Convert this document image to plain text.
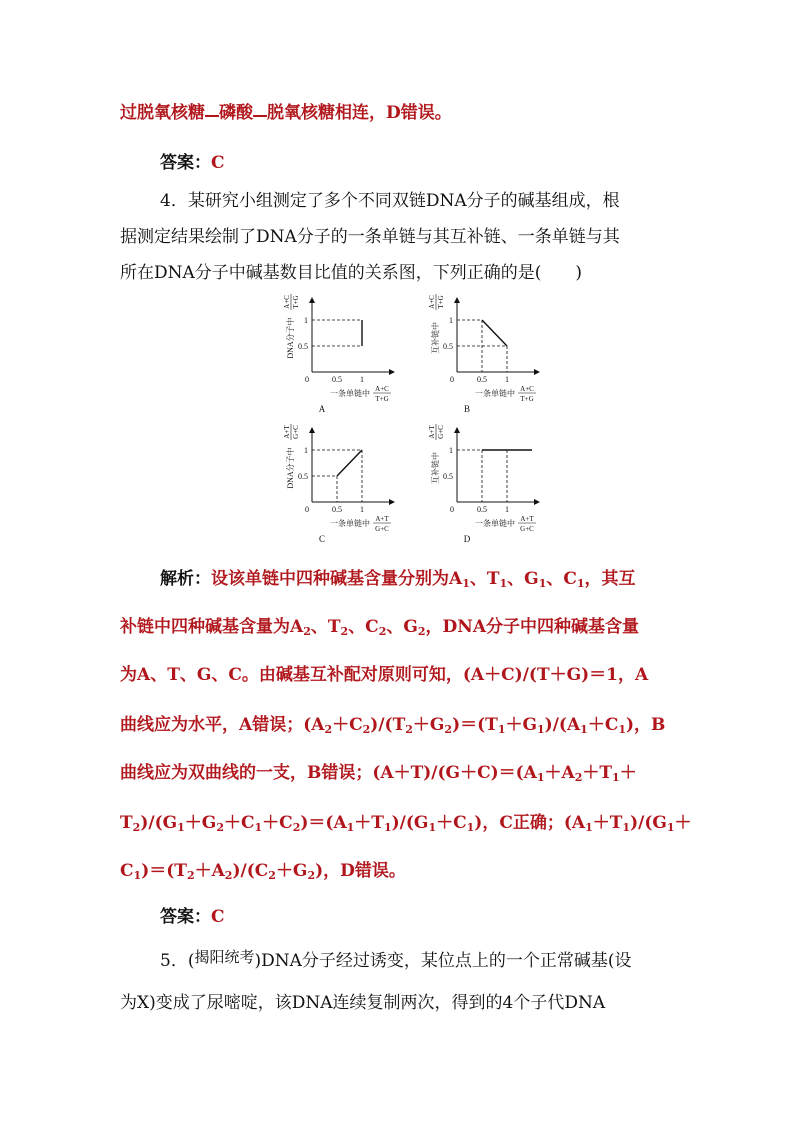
过脱氧核糖 磷酸 脱氧核糖相连，D错误。
答案：C
4．某研究小组测定了多个不同双链DNA分子的碱基组成，根
据测定结果绘制了DNA分子的一条单链与其互补链、一条单链与其
所在DNA分子中碱基数目比值的关系图，下列正确的是(　　)
0	0.5 1
1
0.5
DNA分子中
A+C T+G
一条单链中 A+C
T+G
A
0	0.5 1
1
0.5
互补链中
A+C T+G
一条单链中 A+C
T+G
B
0	0.5 1
1
0.5
DNA分子中
A+T G+C
一条单链中 A+T
G+C
C
0	0.5 1
1
0.5
互补链中
A+T G+C
一条单链中 A+T
G+C
D
解析：设该单链中四种碱基含量分别为$A_1$、$T_1$、$G_1$、$C_1$，其互
补链中四种碱基含量为$A_2$、$T_2$、$C_2$、$G_2$，DNA分子中四种碱基含量
为A、T、G、C。由碱基互补配对原则可知，(A＋C)/(T＋G)＝1，A
曲线应为水平，A错误；$(A_2+C_2)/(T_2+G_2)=(T_1+G_1)/(A_1+C_1)$，B
曲线应为双曲线的一支，B错误；$(A+T)/(G+C)=(A_1+A_2+T_1+$
$T_2)/(G_1+G_2+C_1+C_2)=(A_1+T_1)/(G_1+C_1)$，C正确；$(A_1+T_1)/(G_1+$
$C_1)=(T_2+A_2)/(C_2+G_2)$，D错误。
答案：C
5．(揭阳统考)DNA分子经过诱变，某位点上的一个正常碱基(设
为X)变成了尿嘧啶，该DNA连续复制两次，得到的4个子代DNA
